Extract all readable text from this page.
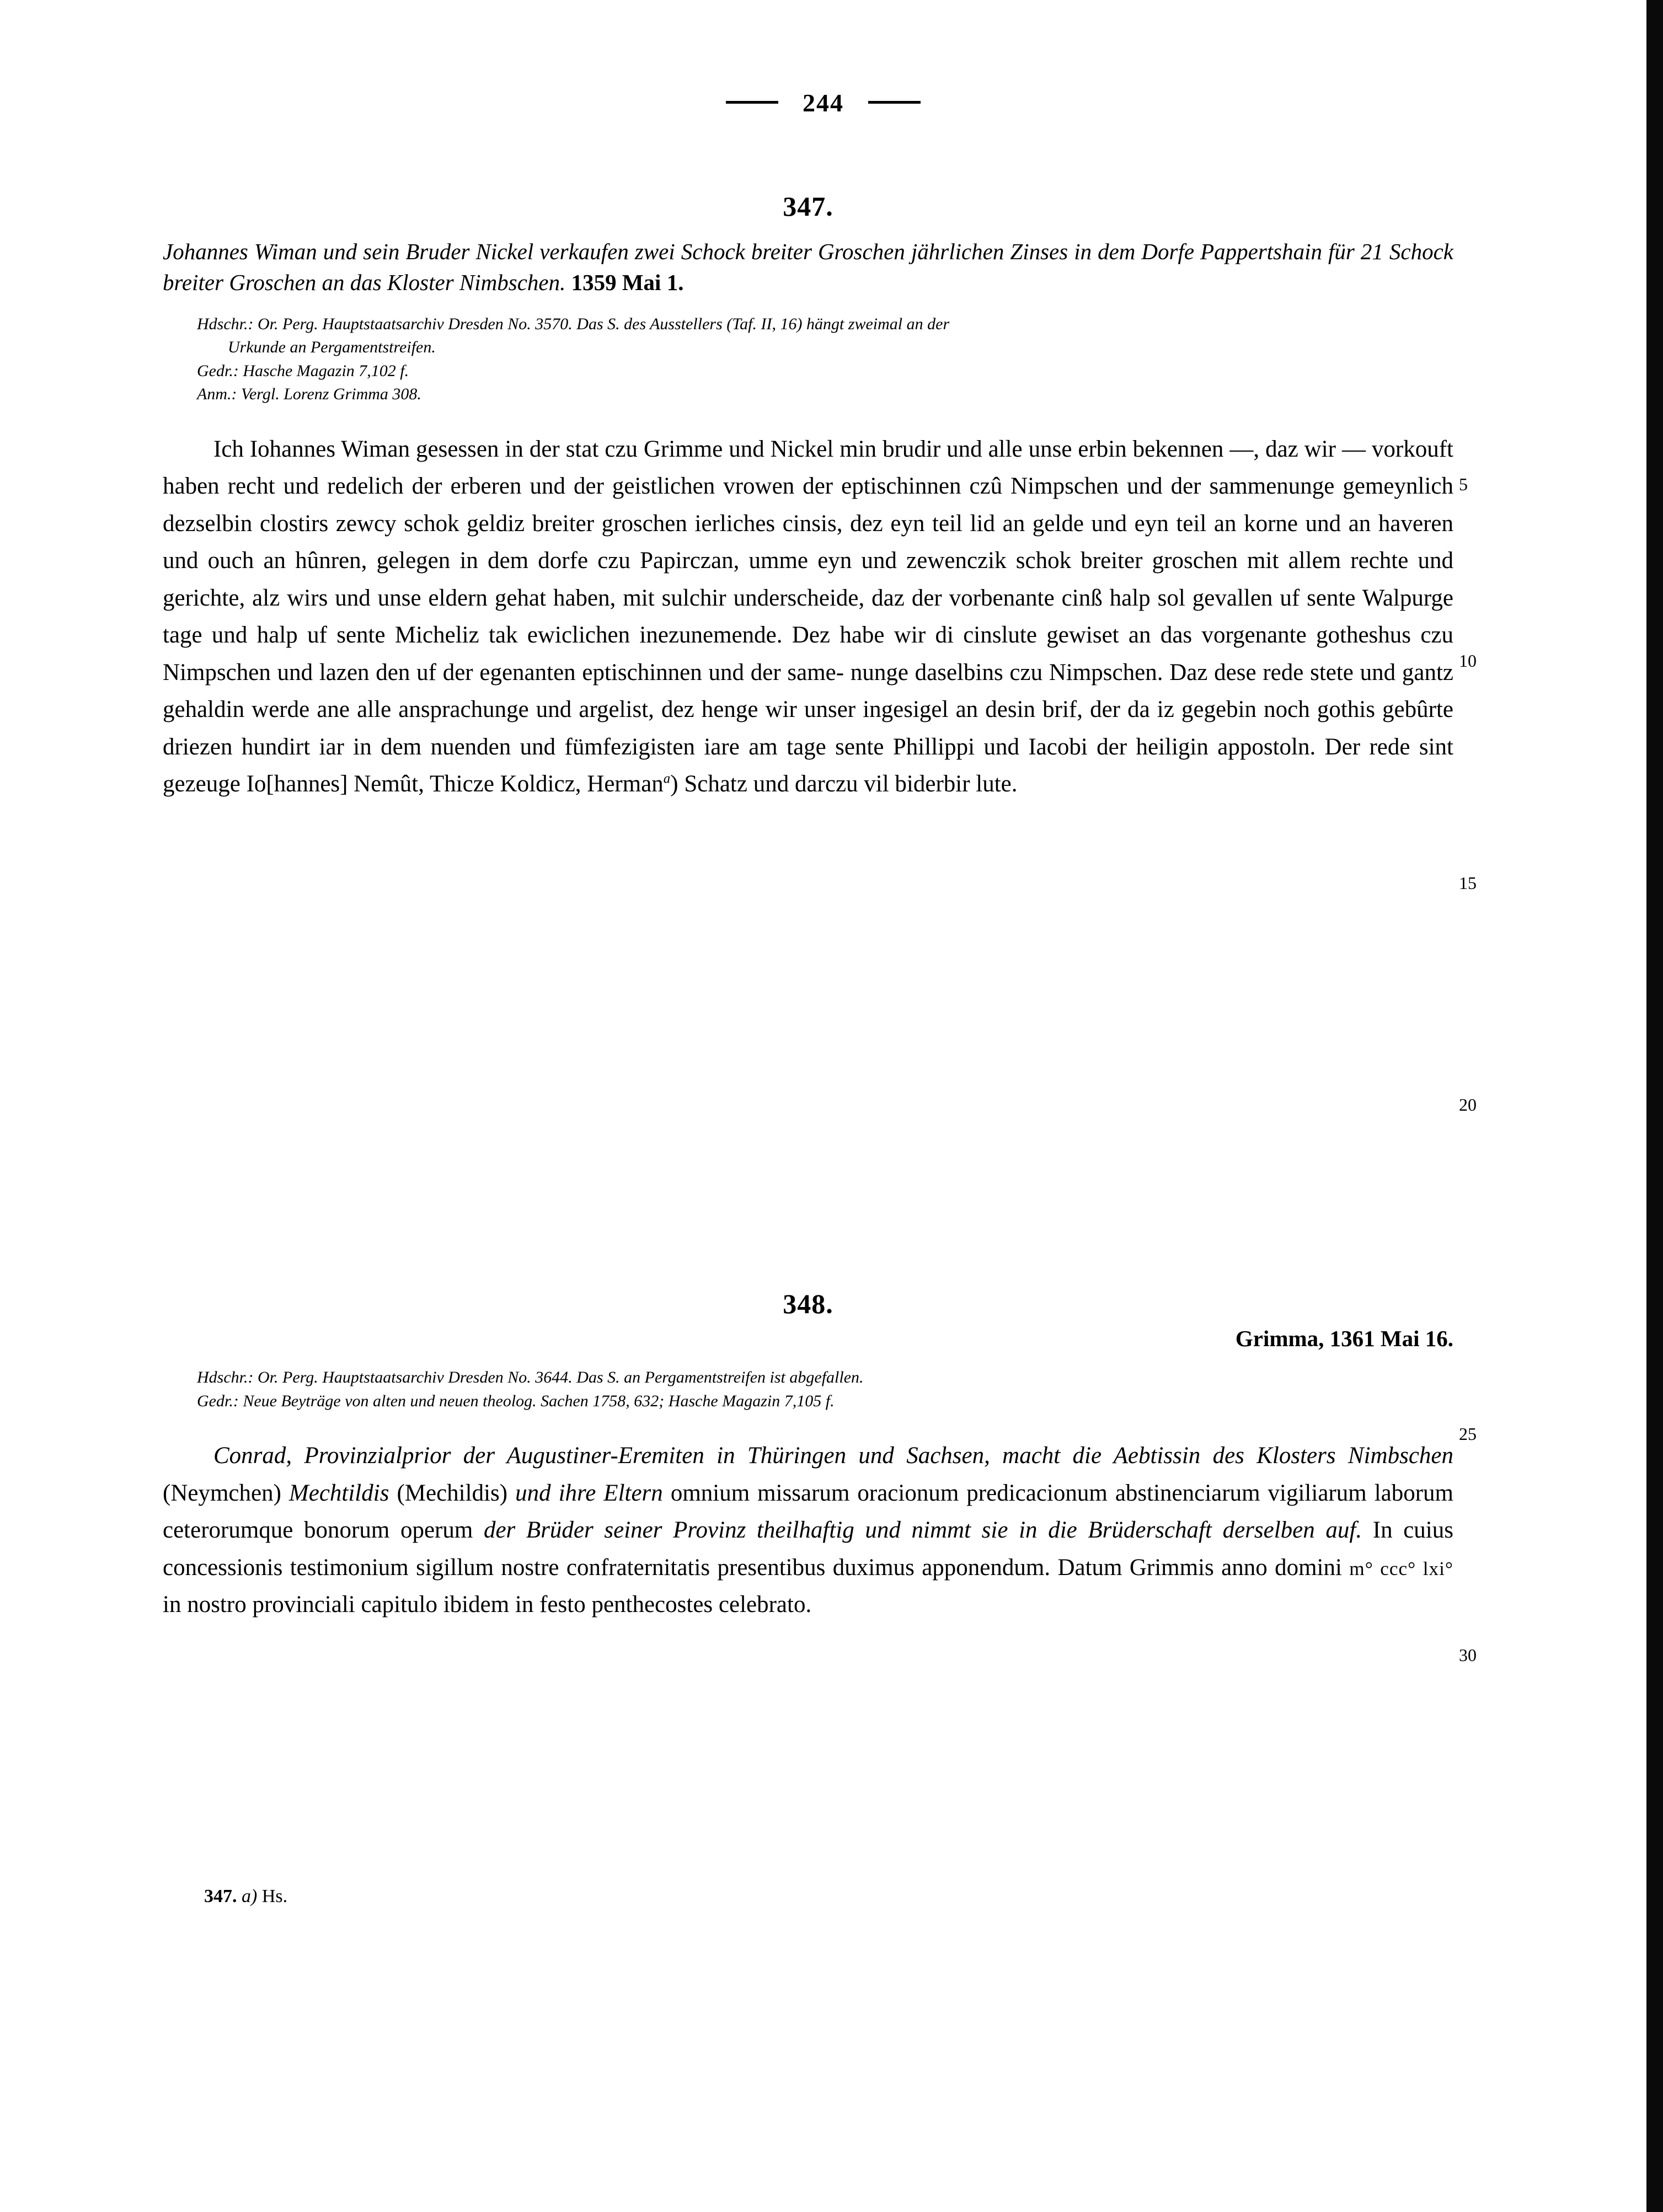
244
347.

Johannes Wiman und sein Bruder Nickel verkaufen zwei Schock breiter Groschen jährlichen Zinses in dem Dorfe Pappertshain für 21 Schock breiter Groschen an das Kloster Nimbschen. 1359 Mai 1.

Hdschr.: Or. Perg. Hauptstaatsarchiv Dresden No. 3570. Das S. des Ausstellers (Taf. II, 16) hängt zweimal an der
Urkunde an Pergamentstreifen.
Gedr.: Hasche Magazin 7,102 f.
Anm.: Vergl. Lorenz Grimma 308.

Ich Iohannes Wiman gesessen in der stat czu Grimme und Nickel min brudir und alle unse erbin bekennen —, daz wir — vorkouft haben recht und redelich der erberen und der geistlichen vrowen der eptischinnen czû Nimpschen und der sammenunge gemeynlich dezselbin clostirs zewcy schok geldiz breiter groschen ierliches cinsis, dez eyn teil lid an gelde und eyn teil an korne und an haveren und ouch an hûnren, gelegen in dem dorfe czu Papirczan, umme eyn und zewenczik schok breiter groschen mit allem rechte und gerichte, alz wirs und unse eldern gehat haben, mit sulchir underscheide, daz der vorbenante cinß halp sol gevallen uf sente Walpurge tage und halp uf sente Micheliz tak ewiclichen inezunemende. Dez habe wir di cinslute gewiset an das vorgenante gotheshus czu Nimpschen und lazen den uf der egenanten eptischinnen und der same- nunge daselbins czu Nimpschen. Daz dese rede stete und gantz gehaldin werde ane alle ansprachunge und argelist, dez henge wir unser ingesigel an desin brif, der da iz gegebin noch gothis gebûrte driezen hundirt iar in dem nuenden und fümfezigisten iare am tage sente Phillippi und Iacobi der heiligin appostoln. Der rede sint gezeuge Io[hannes] Nemût, Thicze Koldicz, Herman$^a$) Schatz und darczu vil biderbir lute.

348.

Grimma, 1361 Mai 16.

Hdschr.: Or. Perg. Hauptstaatsarchiv Dresden No. 3644. Das S. an Pergamentstreifen ist abgefallen.
Gedr.: Neue Beyträge von alten und neuen theolog. Sachen 1758, 632; Hasche Magazin 7,105 f.

Conrad, Provinzialprior der Augustiner-Eremiten in Thüringen und Sachsen, macht die Aebtissin des Klosters Nimbschen (Neymchen) Mechtildis (Mechildis) und ihre Eltern omnium missarum oracionum predicacionum abstinenciarum vigiliarum laborum ceterorumque bonorum operum der Brüder seiner Provinz theilhaftig und nimmt sie in die Brüderschaft derselben auf. In cuius concessionis testimonium sigillum nostre confraternitatis presentibus duximus apponendum. Datum Grimmis anno domini m° ccc° lxi° in nostro provinciali capitulo ibidem in festo penthecostes celebrato.

5
10
15
20
25
30
347. a) Hs.
